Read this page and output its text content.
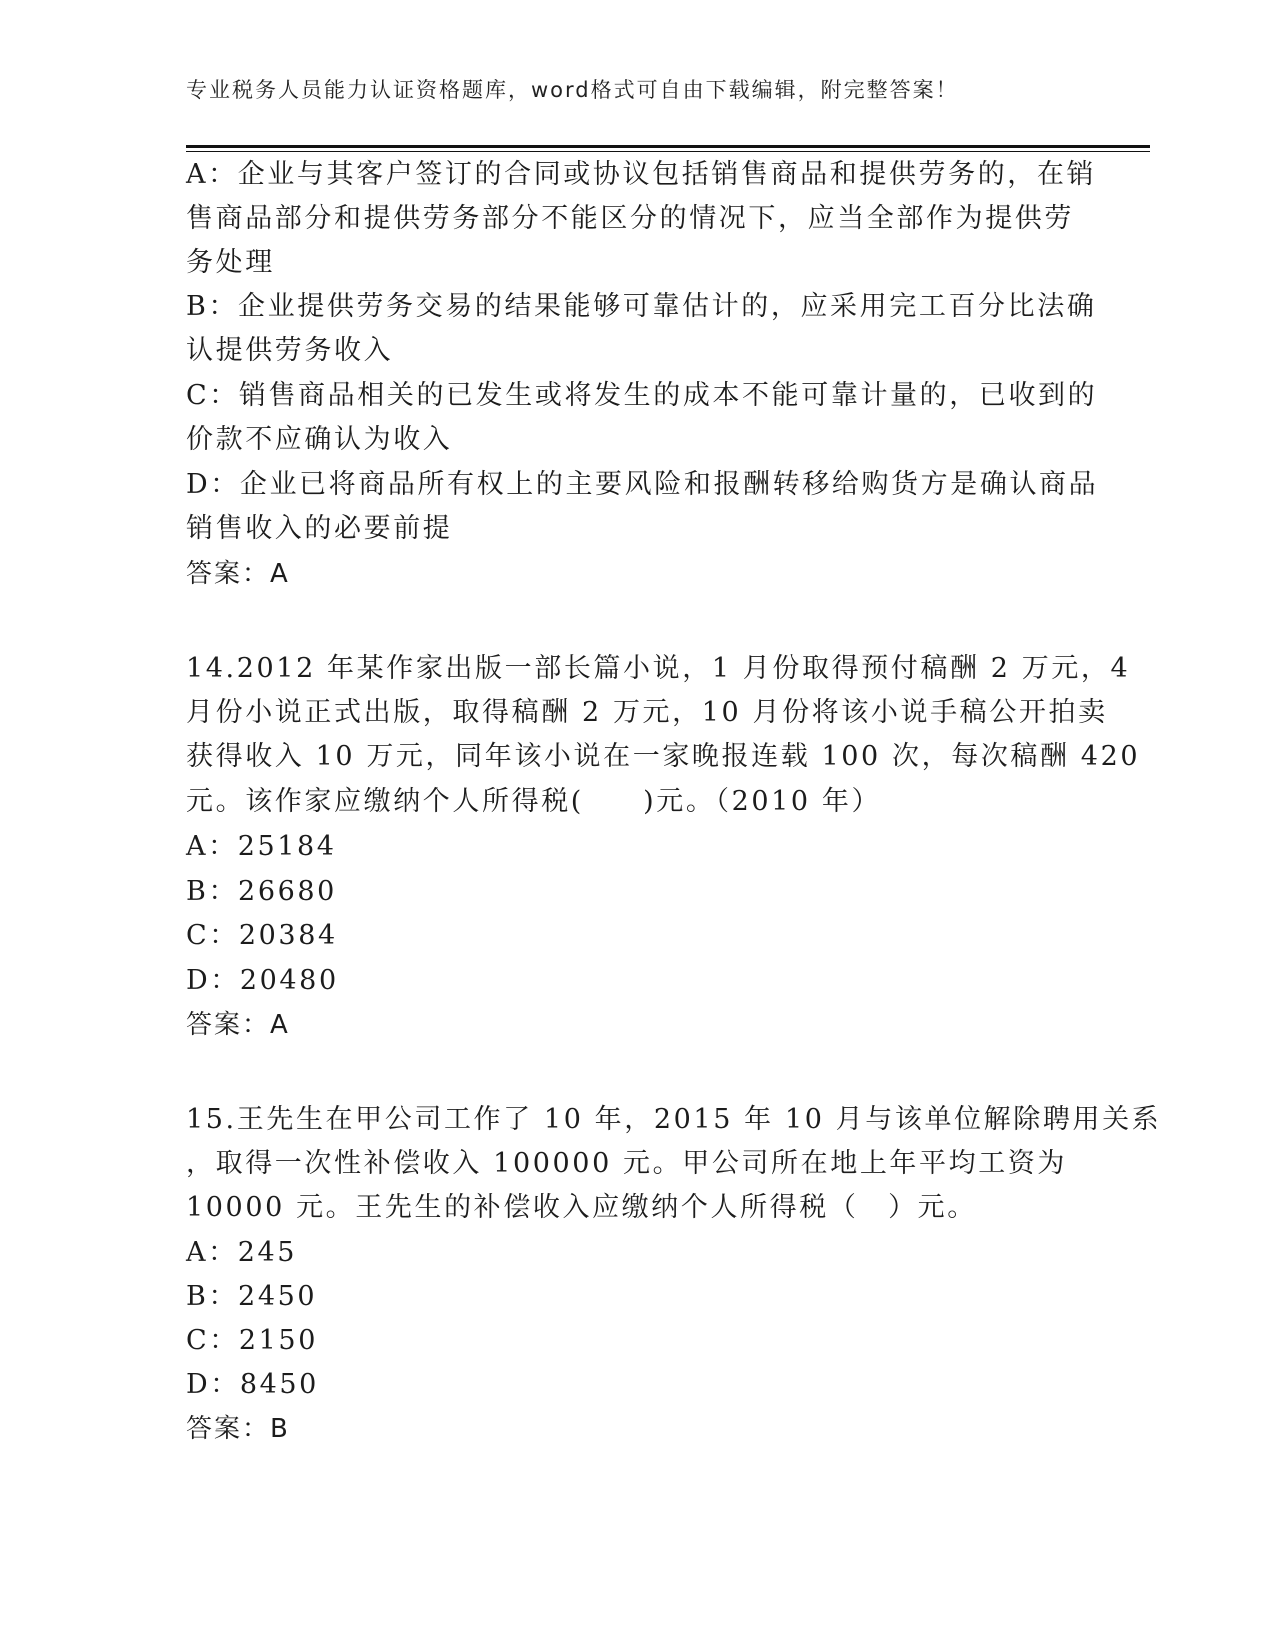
专业税务人员能力认证资格题库，word格式可自由下载编辑，附完整答案！
A：企业与其客户签订的合同或协议包括销售商品和提供劳务的，在销
售商品部分和提供劳务部分不能区分的情况下，应当全部作为提供劳
务处理
B：企业提供劳务交易的结果能够可靠估计的，应采用完工百分比法确
认提供劳务收入
C：销售商品相关的已发生或将发生的成本不能可靠计量的，已收到的
价款不应确认为收入
D：企业已将商品所有权上的主要风险和报酬转移给购货方是确认商品
销售收入的必要前提
答案：A
14.2012 年某作家出版一部长篇小说，1 月份取得预付稿酬 2 万元，4
月份小说正式出版，取得稿酬 2 万元，10 月份将该小说手稿公开拍卖
获得收入 10 万元，同年该小说在一家晚报连载 100 次，每次稿酬 420
元。该作家应缴纳个人所得税(　　)元。（2010 年）
A：25184
B：26680
C：20384
D：20480
答案：A
15.王先生在甲公司工作了 10 年，2015 年 10 月与该单位解除聘用关系
，取得一次性补偿收入 100000 元。甲公司所在地上年平均工资为
10000 元。王先生的补偿收入应缴纳个人所得税（　）元。
A：245
B：2450
C：2150
D：8450
答案：B
